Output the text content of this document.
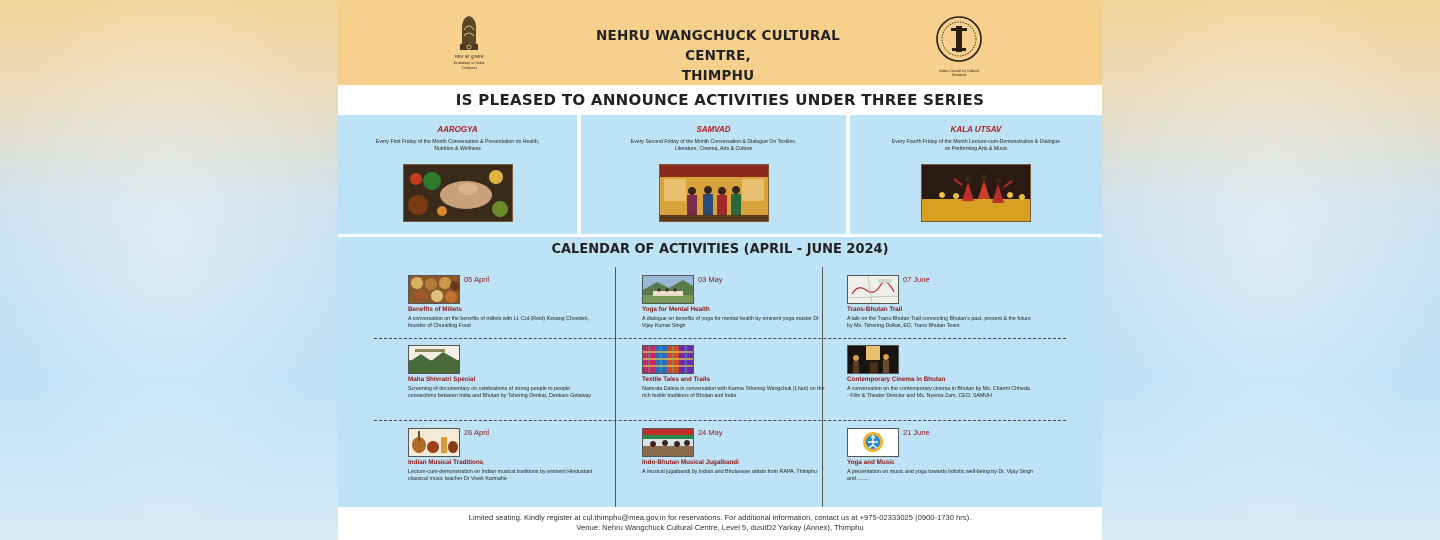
भारत का दूतावास
Embassy of India
Thimphu
NEHRU WANGCHUCK CULTURAL CENTRE,
THIMPHU	Indian Council for Cultural Relations
IS PLEASED TO ANNOUNCE ACTIVITIES UNDER THREE SERIES
AAROGYA
Every First Friday of the Month Conversation & Presentation on Health, Nutrition & Wellness
SAMVAD
Every Second Friday of the Month Conversation & Dialogue On Textiles, Literature, Cinema, Arts & Culture
KALA UTSAV
Every Fourth Friday of the Month Lecture-cum-Demonstration & Dialogue on Performing Arts & Music
CALENDAR OF ACTIVITIES (APRIL - JUNE 2024)
05 April
Benefits of Millets
A conversation on the benefits of millets with Lt. Col.(Retd) Kesang Choeden, founder of Chuniding Food
Maha Shivratri Special
Screening of documentary on celebrations of strong people to people connections between India and Bhutan by Tshering Denkar, Denkars Getaway
26 April
Indian Musical Traditions
Lecture-cum-demonstration on Indian musical traditions by eminent Hindustani classical music teacher Dr Vivek Karmahe
03 May
Yoga for Mental Health
A dialogue on benefits of yoga for mental health by eminent yoga master Dr Vijay Kumar Singh
Textile Tales and Trails
Namrata Daleia in conversation with Karma Tshering Wangchuk (Lhari) on the rich textile traditions of Bhutan and India
24 May
Indo-Bhutan Musical Jugalbandi
A musical jugalbandi by Indian and Bhutanese artists from RAPA, Thimphu
07 June
Trans-Bhutan Trail
A talk on the Trans-Bhutan Trail connecting Bhutan's past, present & the future by Ms. Tshering Dolkar, ED, Trans Bhutan Team
Contemporary Cinema in Bhutan
A conversation on the contemporary cinema in Bhutan by Ms. Charmi Chheda - Film & Theater Director and Ms. Nyema Zam, CEO, SAMUH
21 June
Yoga and Music
A presentation on music and yoga towards holistic well-being by Dr. Vijay Singh and ........
Limited seating. Kindly register at cul.thimphu@mea.gov.in for reservations. For additional information, contact us at +975-02333025 (0900-1730 hrs).
Venue: Nehru Wangchuck Cultural Centre, Level 5, dusitD2 Yarkay (Annex), Thimphu
